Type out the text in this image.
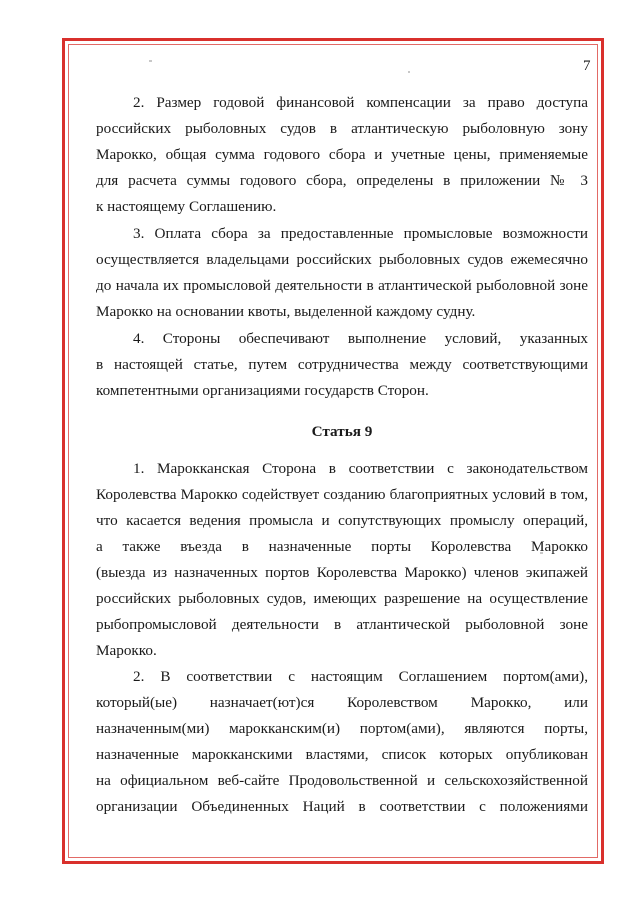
7
2. Размер годовой финансовой компенсации за право доступа
российских рыболовных судов в атлантическую рыболовную зону
Марокко, общая сумма годового сбора и учетные цены, применяемые
для расчета суммы годового сбора, определены в приложении № 3
к настоящему Соглашению.
3. Оплата сбора за предоставленные промысловые возможности
осуществляется владельцами российских рыболовных судов ежемесячно
до начала их промысловой деятельности в атлантической рыболовной зоне
Марокко на основании квоты, выделенной каждому судну.
4. Стороны обеспечивают выполнение условий, указанных
в настоящей статье, путем сотрудничества между соответствующими
компетентными организациями государств Сторон.
1. Марокканская Сторона в соответствии с законодательством
Королевства Марокко содействует созданию благоприятных условий в том,
что касается ведения промысла и сопутствующих промыслу операций,
а также въезда в назначенные порты Королевства Марокко
(выезда из назначенных портов Королевства Марокко) членов экипажей
российских рыболовных судов, имеющих разрешение на осуществление
рыбопромысловой деятельности в атлантической рыболовной зоне
Марокко.
2. В соответствии с настоящим Соглашением портом(ами),
который(ые) назначает(ют)ся Королевством Марокко, или
назначенным(ми) марокканским(и) портом(ами), являются порты,
назначенные марокканскими властями, список которых опубликован
на официальном веб-сайте Продовольственной и сельскохозяйственной
организации Объединенных Наций в соответствии с положениями
Статья 9
